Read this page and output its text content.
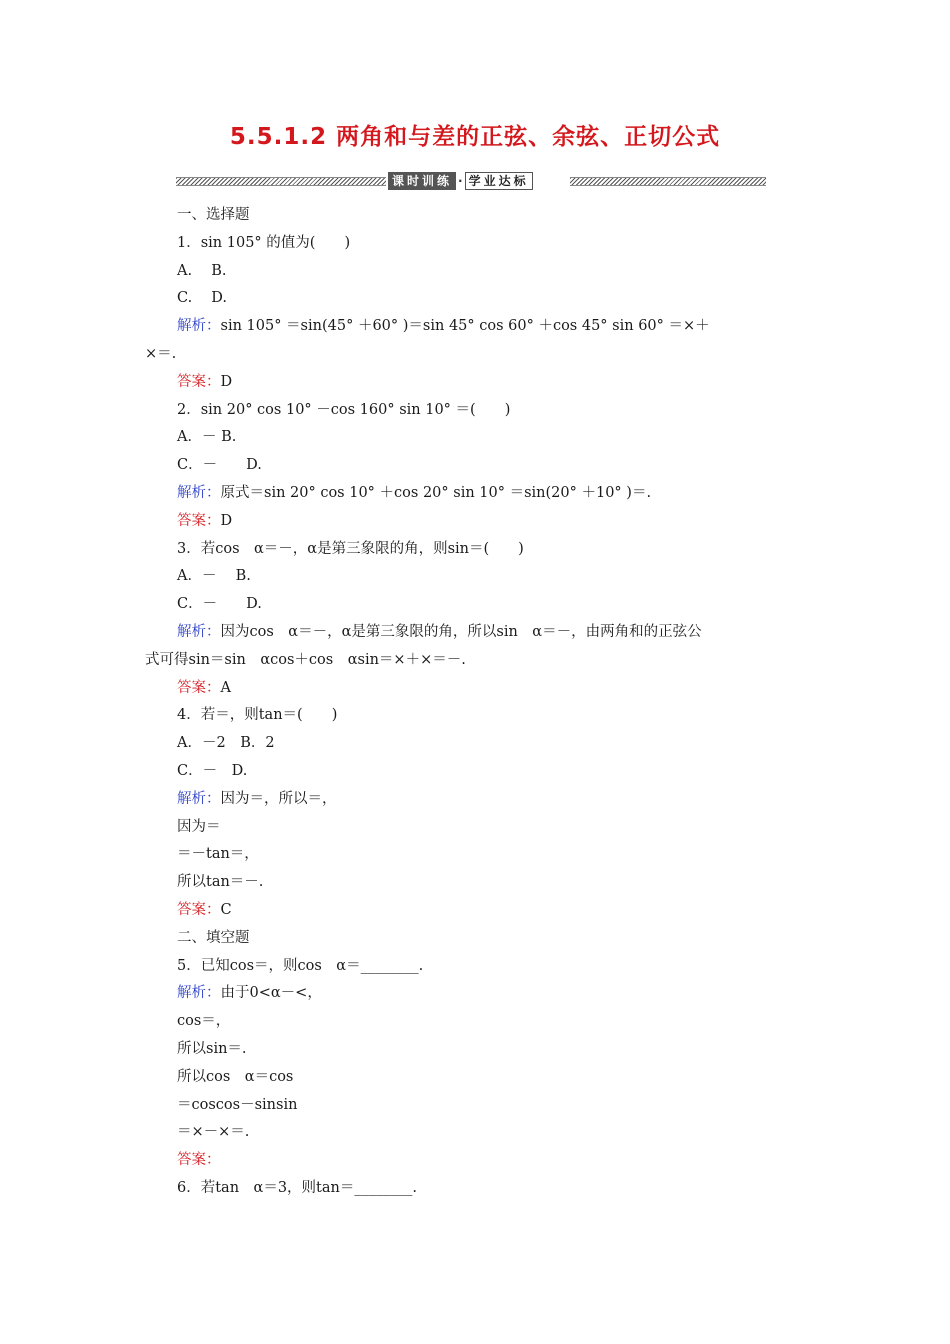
5.5.1.2 两角和与差的正弦、余弦、正切公式
课时训练 · 学业达标
一、选择题
1．sin 105° 的值为(　　)
A.　 B.
C.　 D.
解析：sin 105° ＝sin(45° ＋60° )＝sin 45° cos 60° ＋cos 45° sin 60° ＝×＋
×＝.
答案：D
2．sin 20° cos 10° －cos 160° sin 10° ＝(　　)
A．－ B.
C．－　　D.
解析：原式＝sin 20° cos 10° ＋cos 20° sin 10° ＝sin(20° ＋10° )＝.
答案：D
3．若cos　α＝－，α是第三象限的角，则sin＝(　　)
A．－　 B.
C．－　　D.
解析：因为cos　α＝－，α是第三象限的角，所以sin　α＝－，由两角和的正弦公
式可得sin＝sin　αcos＋cos　αsin＝×＋×＝－.
答案：A
4．若＝，则tan＝(　　)
A．－2　B．2
C．－　D.
解析：因为＝，所以＝，
因为＝
＝－tan＝，
所以tan＝－.
答案：C
二、填空题
5．已知cos＝，则cos　α＝________.
解析：由于0<α－<，
cos＝，
所以sin＝.
所以cos　α＝cos
＝coscos－sinsin
＝×－×＝.
答案：
6．若tan　α＝3，则tan＝________.
